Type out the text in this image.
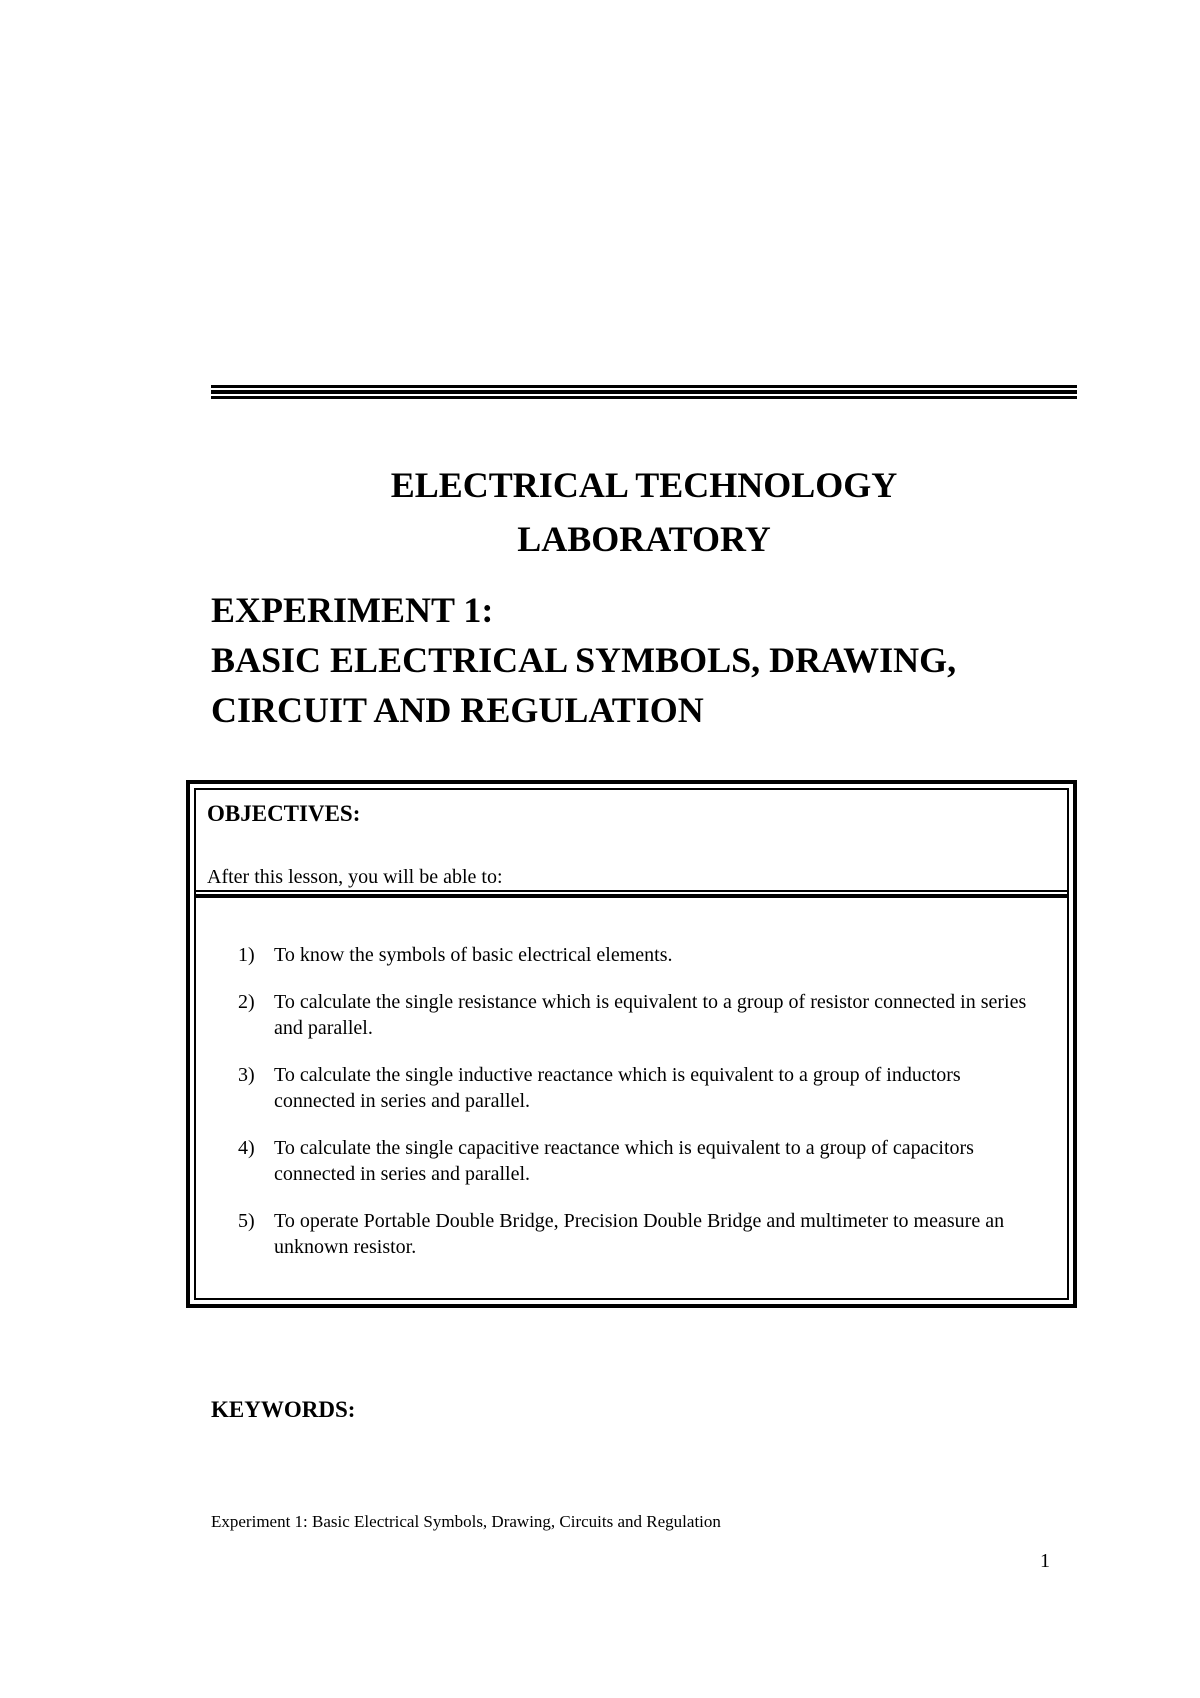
ELECTRICAL TECHNOLOGY
LABORATORY
EXPERIMENT 1:
BASIC ELECTRICAL SYMBOLS, DRAWING,
CIRCUIT AND REGULATION
OBJECTIVES:
After this lesson, you will be able to:
1) To know the symbols of basic electrical elements.
2) To calculate the single resistance which is equivalent to a group of resistor connected in series and parallel.
3) To calculate the single inductive reactance which is equivalent to a group of inductors connected in series and parallel.
4) To calculate the single capacitive reactance which is equivalent to a group of capacitors connected in series and parallel.
5) To operate Portable Double Bridge, Precision Double Bridge and multimeter to measure an unknown resistor.
KEYWORDS:
Experiment 1: Basic Electrical Symbols, Drawing, Circuits and Regulation
1
